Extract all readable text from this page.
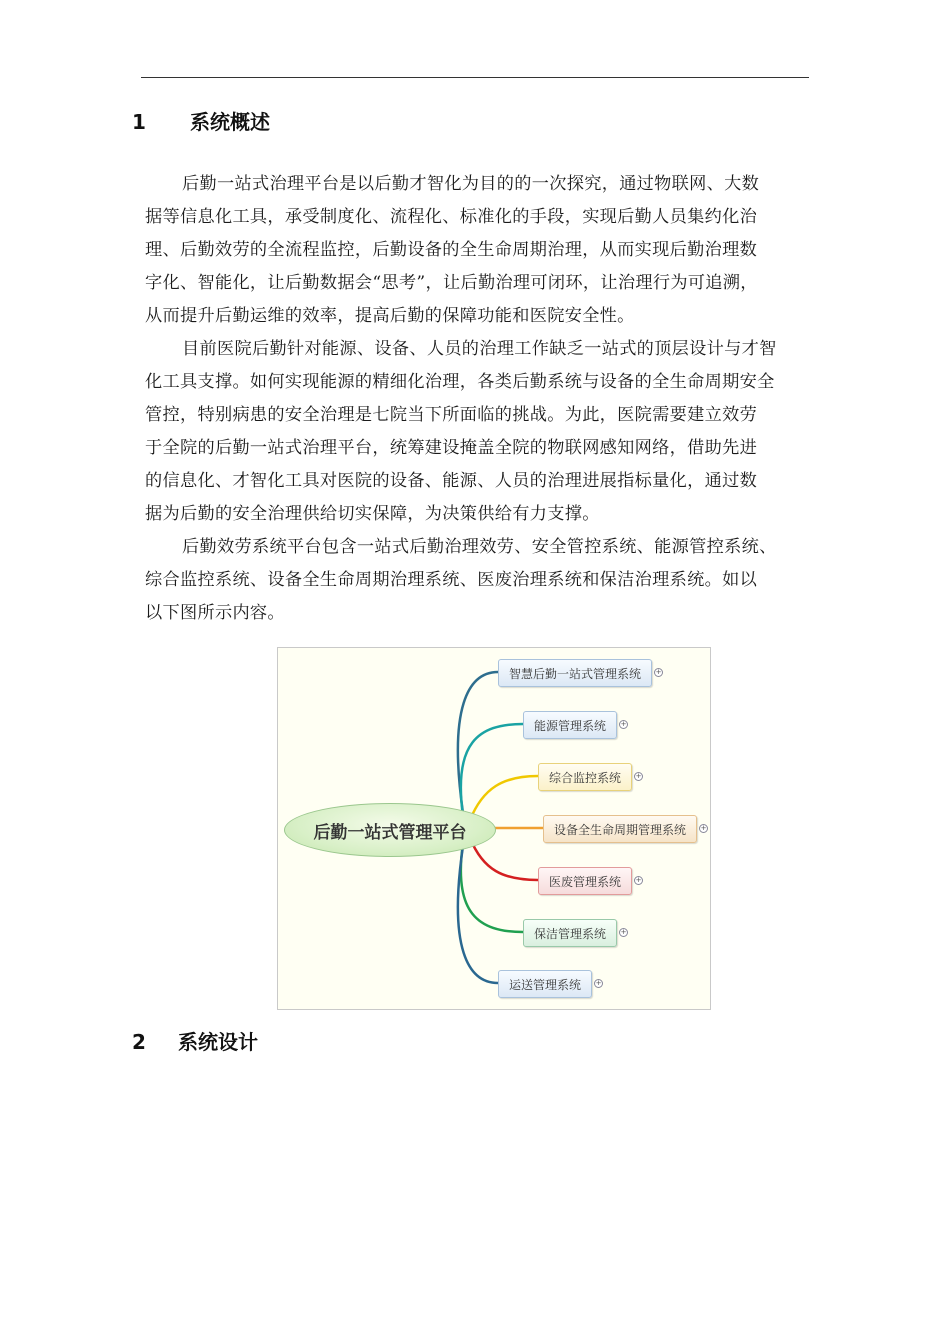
1 系统概述
后勤一站式治理平台是以后勤才智化为目的的一次探究，通过物联网、大数
据等信息化工具，承受制度化、流程化、标准化的手段，实现后勤人员集约化治
理、后勤效劳的全流程监控，后勤设备的全生命周期治理，从而实现后勤治理数
字化、智能化，让后勤数据会“思考”，让后勤治理可闭环，让治理行为可追溯，
从而提升后勤运维的效率，提高后勤的保障功能和医院安全性。
目前医院后勤针对能源、设备、人员的治理工作缺乏一站式的顶层设计与才智
化工具支撑。如何实现能源的精细化治理，各类后勤系统与设备的全生命周期安全
管控，特别病患的安全治理是七院当下所面临的挑战。为此，医院需要建立效劳
于全院的后勤一站式治理平台，统筹建设掩盖全院的物联网感知网络，借助先进
的信息化、才智化工具对医院的设备、能源、人员的治理进展指标量化，通过数
据为后勤的安全治理供给切实保障，为决策供给有力支撑。
后勤效劳系统平台包含一站式后勤治理效劳、安全管控系统、能源管控系统、
综合监控系统、设备全生命周期治理系统、医废治理系统和保洁治理系统。如以
以下图所示内容。
后勤一站式管理平台
智慧后勤一站式管理系统	+
能源管理系统	+
综合监控系统	+
设备全生命周期管理系统	+
医废管理系统	+
保洁管理系统	+
运送管理系统	+
2 系统设计
